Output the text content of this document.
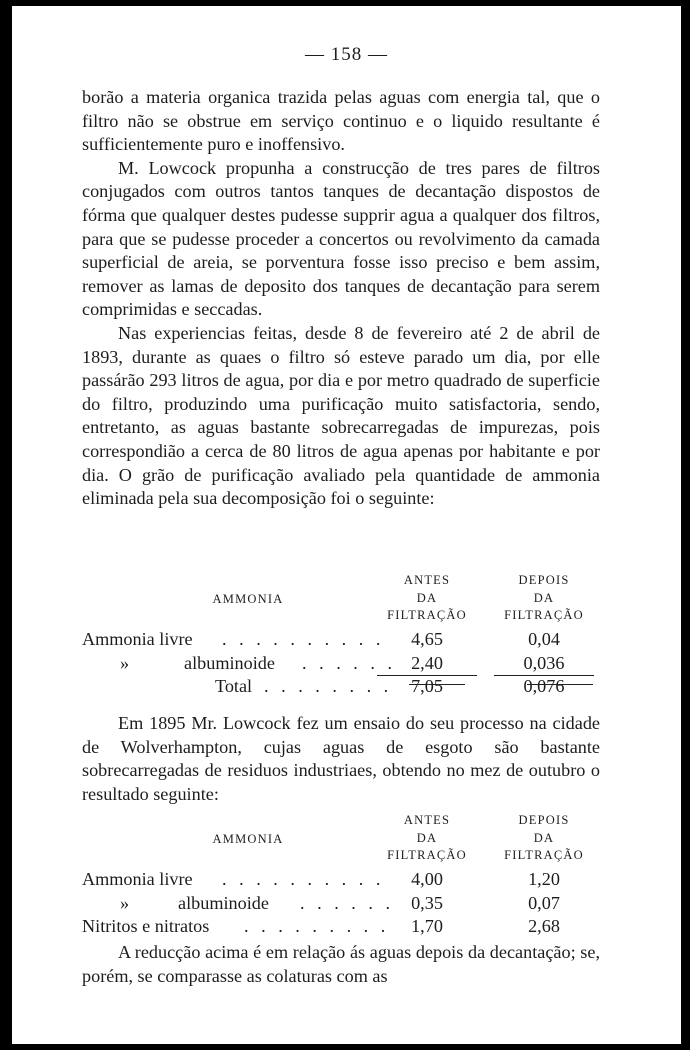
— 158 —

borão a materia organica trazida pelas aguas com energia tal, que o filtro não se obstrue em serviço continuo e o liquido resultante é sufficientemente puro e inoffensivo.

M. Lowcock propunha a construcção de tres pares de filtros conjugados com outros tantos tanques de decantação dispostos de fórma que qualquer destes pudesse supprir agua a qualquer dos filtros, para que se pudesse proceder a concertos ou revolvimento da camada superficial de areia, se porventura fosse isso preciso e bem assim, remover as lamas de deposito dos tanques de decantação para serem comprimidas e seccadas.

Nas experiencias feitas, desde 8 de fevereiro até 2 de abril de 1893, durante as quaes o filtro só esteve parado um dia, por elle passárão 293 litros de agua, por dia e por metro quadrado de superficie do filtro, produzindo uma purificação muito satisfactoria, sendo, entretanto, as aguas bastante sobrecarregadas de impurezas, pois correspondião a cerca de 80 litros de agua apenas por habitante e por dia. O grão de purificação avaliado pela quantidade de ammonia eliminada pela sua decomposição foi o seguinte:

AMMONIA
ANTES
DA
FILTRAÇÃO
DEPOIS
DA
FILTRAÇÃO
Ammonia livre . . . . . . . . . .	4,65	0,04
»	albuminoide . . . . . . 2,40	0,036
Total . . . . . . . .	7,05	0,076

Em 1895 Mr. Lowcock fez um ensaio do seu processo na cidade de Wolverhampton, cujas aguas de esgoto são bastante sobrecarregadas de residuos industriaes, obtendo no mez de outubro o resultado seguinte:

AMMONIA
ANTES
DA
FILTRAÇÃO
DEPOIS
DA
FILTRAÇÃO
Ammonia livre . . . . . . . . . .	4,00	1,20
»	albuminoide . . . . . . 0,35	0,07
Nitritos e nitratos . . . . . . . . .	1,70	2,68

A reducção acima é em relação ás aguas depois da decantação; se, porém, se comparasse as colaturas com as
